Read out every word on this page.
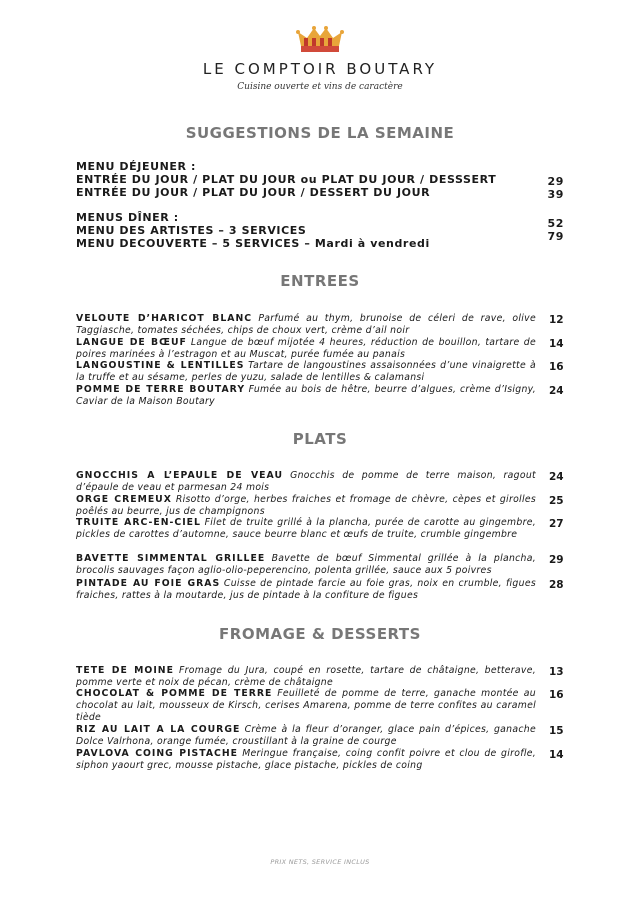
LE COMPTOIR BOUTARY
Cuisine ouverte et vins de caractère
SUGGESTIONS DE LA SEMAINE
MENU DÉJEUNER :
ENTRÉE DU JOUR / PLAT DU JOUR ou PLAT DU JOUR / DESSSERT	29
ENTRÉE DU JOUR / PLAT DU JOUR / DESSERT DU JOUR	39
MENUS DÎNER :
MENU DES ARTISTES – 3 SERVICES
52
MENU DECOUVERTE – 5 SERVICES – Mardi à vendredi
79
ENTREES
VELOUTE D’HARICOT BLANC Parfumé au thym, brunoise de céleri de rave, olive Taggiasche, tomates séchées, chips de choux vert, crème d’ail noir
12
LANGUE DE BŒUF Langue de bœuf mijotée 4 heures, réduction de bouillon, tartare de poires marinées à l’estragon et au Muscat, purée fumée au panais
14
LANGOUSTINE & LENTILLES Tartare de langoustines assaisonnées d’une vinaigrette à la truffe et au sésame, perles de yuzu, salade de lentilles & calamansi
16
POMME DE TERRE BOUTARY Fumée au bois de hêtre, beurre d’algues, crème d’Isigny, Caviar de la Maison Boutary
24
PLATS
GNOCCHIS A L’EPAULE DE VEAU Gnocchis de pomme de terre maison, ragout d’épaule de veau et parmesan 24 mois
24
ORGE CREMEUX Risotto d’orge, herbes fraiches et fromage de chèvre, cèpes et girolles poêlés au beurre, jus de champignons
25
TRUITE ARC-EN-CIEL Filet de truite grillé à la plancha, purée de carotte au gingembre, pickles de carottes d’automne, sauce beurre blanc et œufs de truite, crumble gingembre
27
BAVETTE SIMMENTAL GRILLEE Bavette de bœuf Simmental grillée à la plancha, brocolis sauvages façon aglio-olio-peperencino, polenta grillée, sauce aux 5 poivres
29
PINTADE AU FOIE GRAS Cuisse de pintade farcie au foie gras, noix en crumble, figues fraiches, rattes à la moutarde, jus de pintade à la confiture de figues
28
FROMAGE & DESSERTS
TETE DE MOINE Fromage du Jura, coupé en rosette, tartare de châtaigne, betterave, pomme verte et noix de pécan, crème de châtaigne
13
CHOCOLAT & POMME DE TERRE Feuilleté de pomme de terre, ganache montée au chocolat au lait, mousseux de Kirsch, cerises Amarena, pomme de terre confites au caramel tiède
16
RIZ AU LAIT A LA COURGE Crème à la fleur d’oranger, glace pain d’épices, ganache Dolce Valrhona, orange fumée, croustillant à la graine de courge
15
PAVLOVA COING PISTACHE Meringue française, coing confit poivre et clou de girofle, siphon yaourt grec, mousse pistache, glace pistache, pickles de coing
14
PRIX NETS, SERVICE INCLUS
